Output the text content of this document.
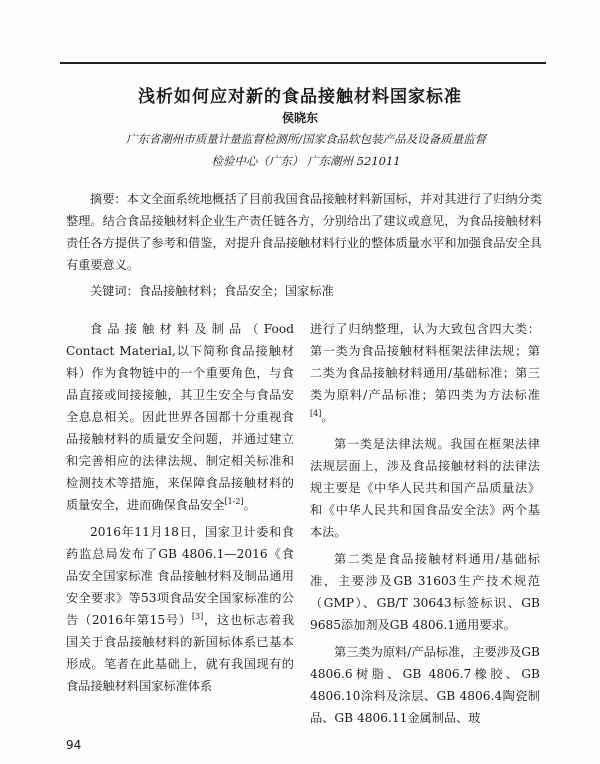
浅析如何应对新的食品接触材料国家标准
侯晓东
广东省潮州市质量计量监督检测所/国家食品软包装产品及设备质量监督
检验中心（广东） 广东潮州 521011
摘要：本文全面系统地概括了目前我国食品接触材料新国标，并对其进行了归纳分类整理。结合食品接触材料企业生产责任链各方，分别给出了建议或意见，为食品接触材料责任各方提供了参考和借鉴，对提升食品接触材料行业的整体质量水平和加强食品安全具有重要意义。
关键词：食品接触材料；食品安全；国家标准

食品接触材料及制品（Food Contact Material,以下简称食品接触材料）作为食物链中的一个重要角色，与食品直接或间接接触，其卫生安全与食品安全息息相关。因此世界各国都十分重视食品接触材料的质量安全问题，并通过建立和完善相应的法律法规、制定相关标准和检测技术等措施，来保障食品接触材料的质量安全，进而确保食品安全[1-2]。

2016年11月18日，国家卫计委和食药监总局发布了GB 4806.1—2016《食品安全国家标准 食品接触材料及制品通用安全要求》等53项食品安全国家标准的公告（2016年第15号）[3]，这也标志着我国关于食品接触材料的新国标体系已基本形成。笔者在此基础上，就有我国现有的食品接触材料国家标准体系

进行了归纳整理，认为大致包含四大类：第一类为食品接触材料框架法律法规；第二类为食品接触材料通用/基础标准；第三类为原料/产品标准；第四类为方法标准[4]。

第一类是法律法规。我国在框架法律法规层面上，涉及食品接触材料的法律法规主要是《中华人民共和国产品质量法》和《中华人民共和国食品安全法》两个基本法。

第二类是食品接触材料通用/基础标准，主要涉及GB 31603生产技术规范（GMP）、GB/T 30643标签标识、GB 9685添加剂及GB 4806.1通用要求。

第三类为原料/产品标准，主要涉及GB 4806.6树脂、GB 4806.7橡胶、GB 4806.10涂料及涂层、GB 4806.4陶瓷制品、GB 4806.11金属制品、玻

94
